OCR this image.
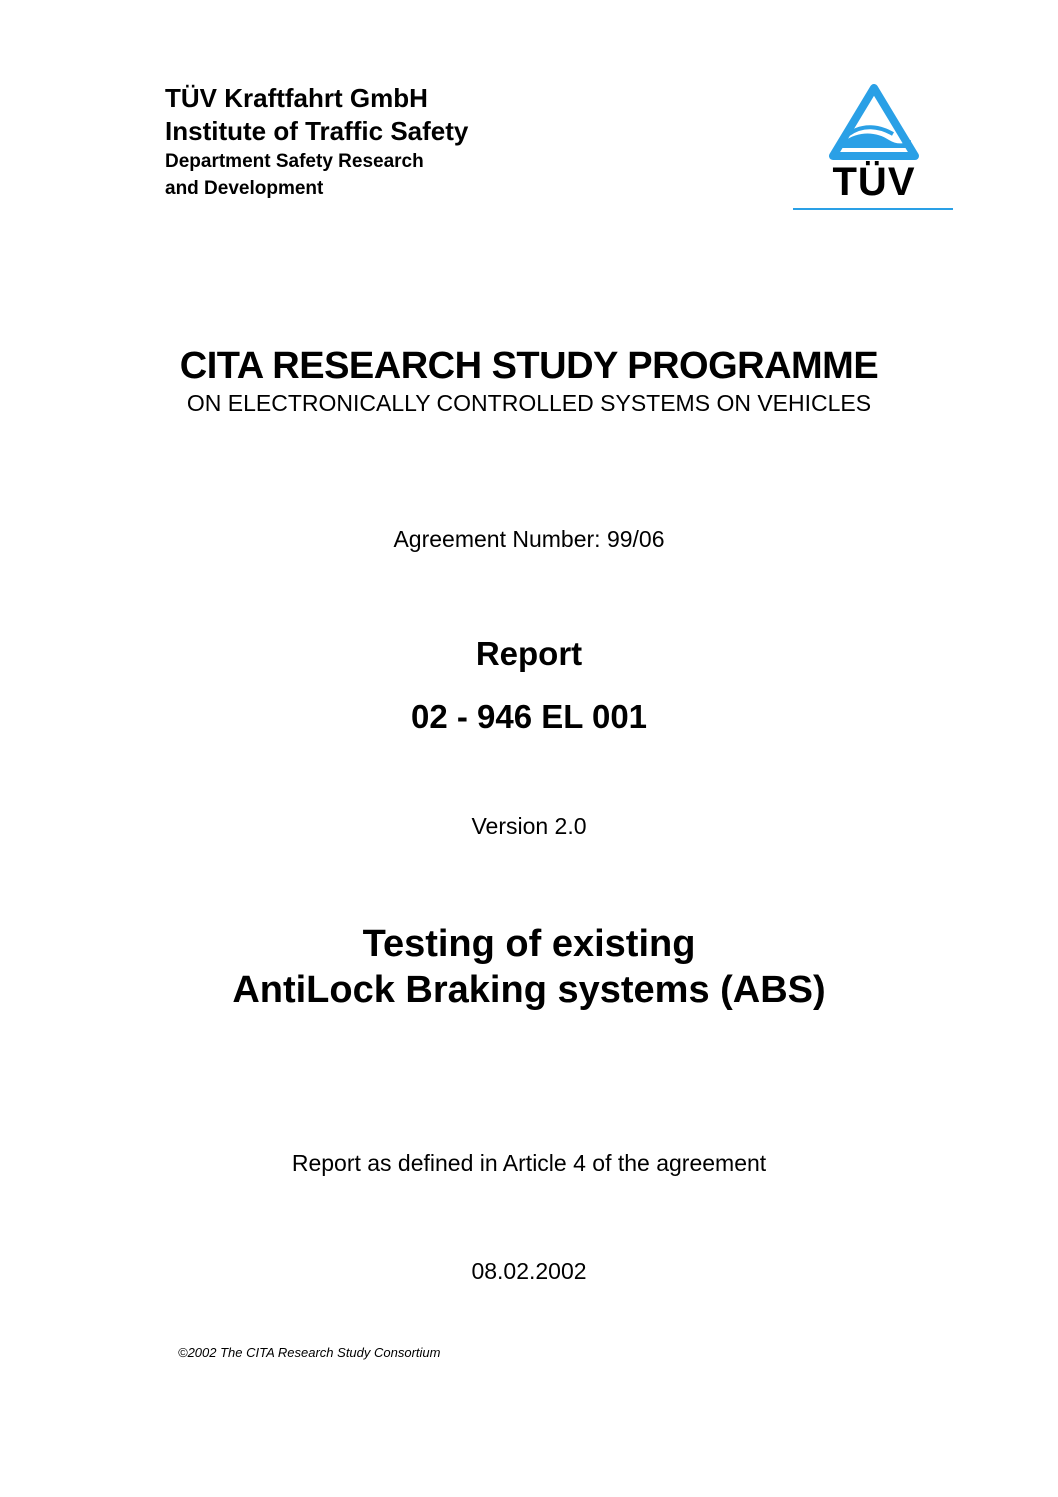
TÜV Kraftfahrt GmbH
Institute of Traffic Safety
Department Safety Research
and Development	TÜV
CITA RESEARCH STUDY PROGRAMME
ON ELECTRONICALLY CONTROLLED SYSTEMS ON VEHICLES
Agreement Number: 99/06
Report
02 - 946 EL 001
Version 2.0
Testing of existing
AntiLock Braking systems (ABS)
Report as defined in Article 4 of the agreement
08.02.2002
©2002 The CITA Research Study Consortium
